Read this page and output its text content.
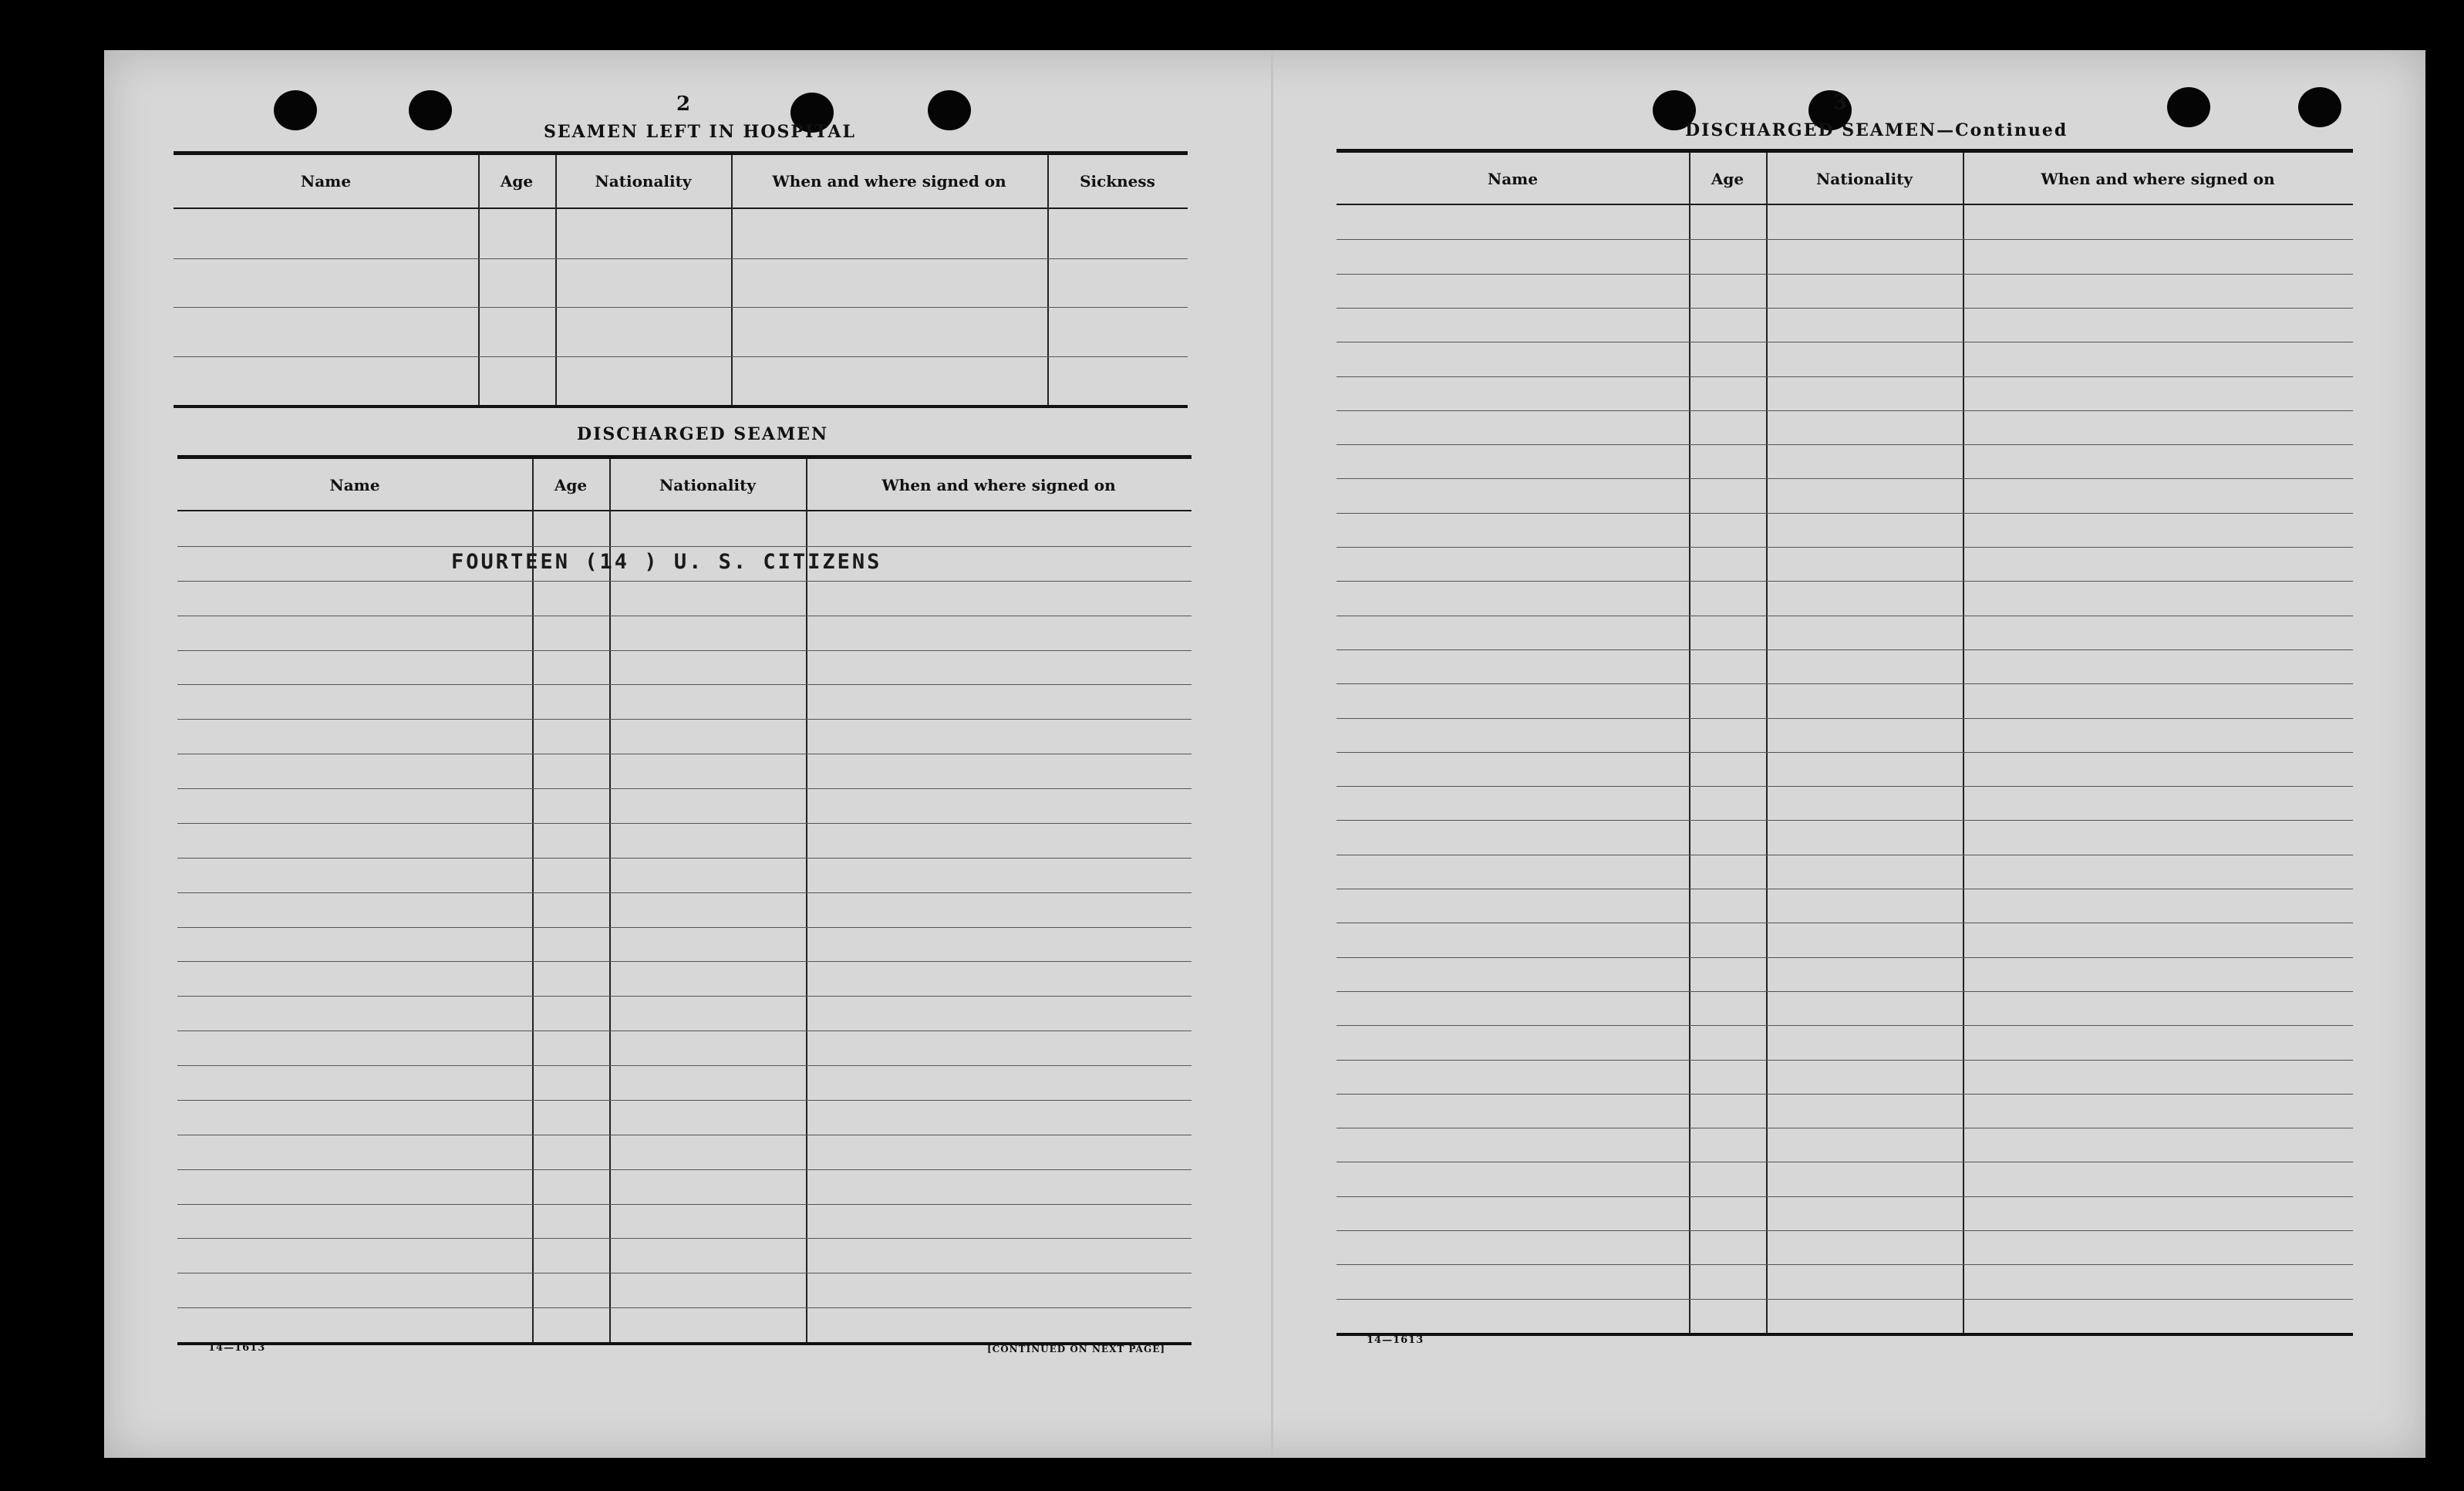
2
SEAMEN LEFT IN HOSPITAL
Name	Age	Nationality	When and where signed on	Sickness
DISCHARGED SEAMEN
Name	Age	Nationality	When and where signed on
FOURTEEN (14 ) U. S. CITIZENS
14—1613	[CONTINUED ON NEXT PAGE]
3
DISCHARGED SEAMEN—Continued
Name	Age	Nationality	When and where signed on
14—1613
